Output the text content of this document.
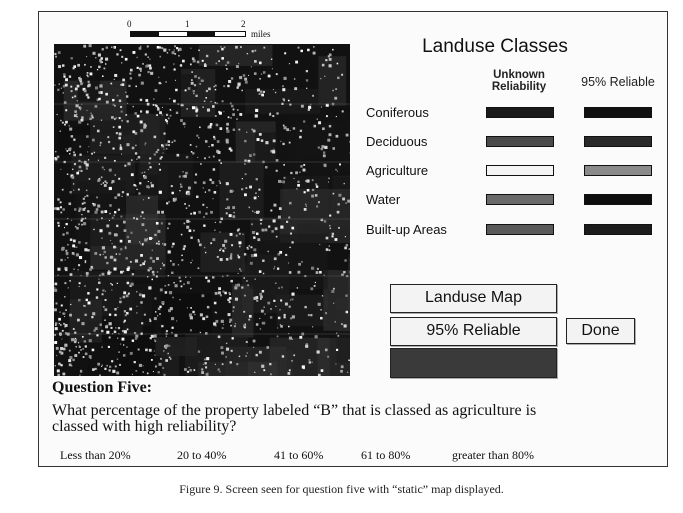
0	1	2
miles
Landuse Classes
Unknown Reliability	95% Reliable
Coniferous
Deciduous
Agriculture
Water
Built-up Areas
Landuse Map
95% Reliable	Done
Question Five:
What percentage of the property labeled “B” that is classed as agriculture is classed with high reliability?
Less than 20%	20 to 40%	41 to 60%	61 to 80%	greater than 80%
Figure 9. Screen seen for question five with “static” map displayed.
